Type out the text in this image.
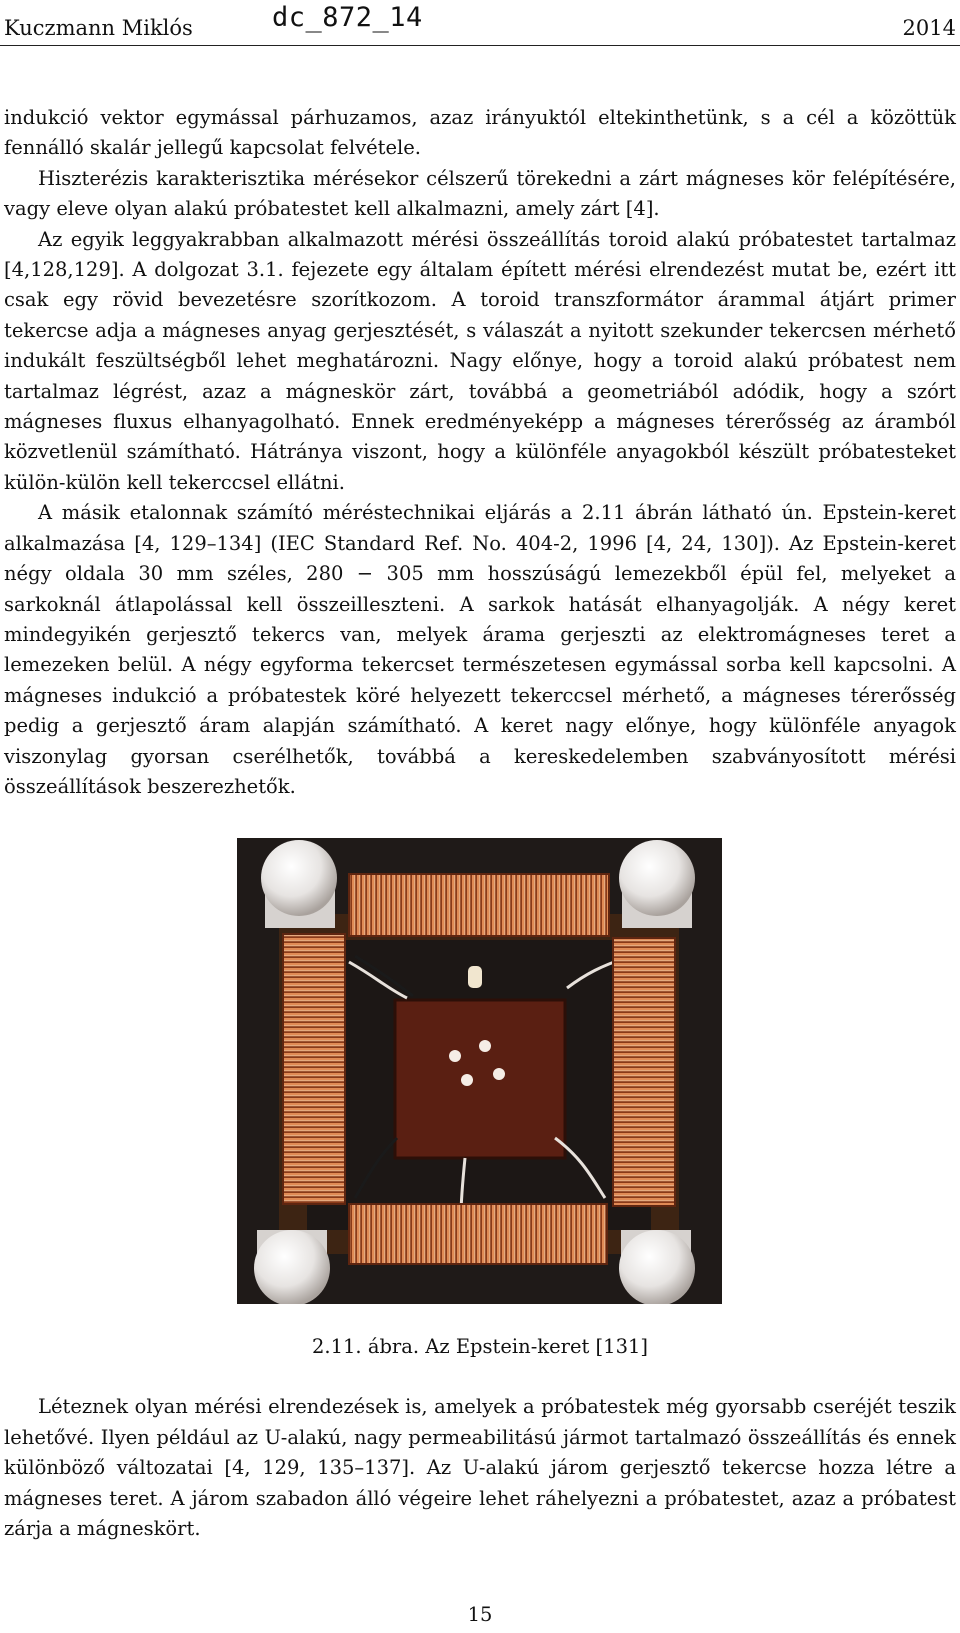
Kuczmann Miklós	dc_872_14	2014

indukció vektor egymással párhuzamos, azaz irányuktól eltekinthetünk, s a cél a közöttük fennálló skalár jellegű kapcsolat felvétele.

Hiszterézis karakterisztika mérésekor célszerű törekedni a zárt mágneses kör felépítésére, vagy eleve olyan alakú próbatestet kell alkalmazni, amely zárt [4].

Az egyik leggyakrabban alkalmazott mérési összeállítás toroid alakú próbatestet tartalmaz [4,128,129]. A dolgozat 3.1. fejezete egy általam épített mérési elrendezést mutat be, ezért itt csak egy rövid bevezetésre szorítkozom. A toroid transzformátor árammal átjárt primer tekercse adja a mágneses anyag gerjesztését, s válaszát a nyitott szekunder tekercsen mérhető indukált feszültségből lehet meghatározni. Nagy előnye, hogy a toroid alakú próbatest nem tartalmaz légrést, azaz a mágneskör zárt, továbbá a geometriából adódik, hogy a szórt mágneses fluxus elhanyagolható. Ennek eredményeképp a mágneses térerősség az áramból közvetlenül számítható. Hátránya viszont, hogy a különféle anyagokból készült próbatesteket külön-külön kell tekerccsel ellátni.

A másik etalonnak számító méréstechnikai eljárás a 2.11 ábrán látható ún. Epstein-keret alkalmazása [4, 129–134] (IEC Standard Ref. No. 404-2, 1996 [4, 24, 130]). Az Epstein-keret négy oldala 30 mm széles, 280 − 305 mm hosszúságú lemezekből épül fel, melyeket a sarkoknál átlapolással kell összeilleszteni. A sarkok hatását elhanyagolják. A négy keret mindegyikén gerjesztő tekercs van, melyek árama gerjeszti az elektromágneses teret a lemezeken belül. A négy egyforma tekercset természetesen egymással sorba kell kapcsolni. A mágneses indukció a próbatestek köré helyezett tekerccsel mérhető, a mágneses térerősség pedig a gerjesztő áram alapján számítható. A keret nagy előnye, hogy különféle anyagok viszonylag gyorsan cserélhetők, továbbá a kereskedelemben szabványosított mérési összeállítások beszerezhetők.

2.11. ábra. Az Epstein-keret [131]

Léteznek olyan mérési elrendezések is, amelyek a próbatestek még gyorsabb cseréjét teszik lehetővé. Ilyen például az U-alakú, nagy permeabilitású jármot tartalmazó összeállítás és ennek különböző változatai [4, 129, 135–137]. Az U-alakú járom gerjesztő tekercse hozza létre a mágneses teret. A járom szabadon álló végeire lehet ráhelyezni a próbatestet, azaz a próbatest zárja a mágneskört.

15
